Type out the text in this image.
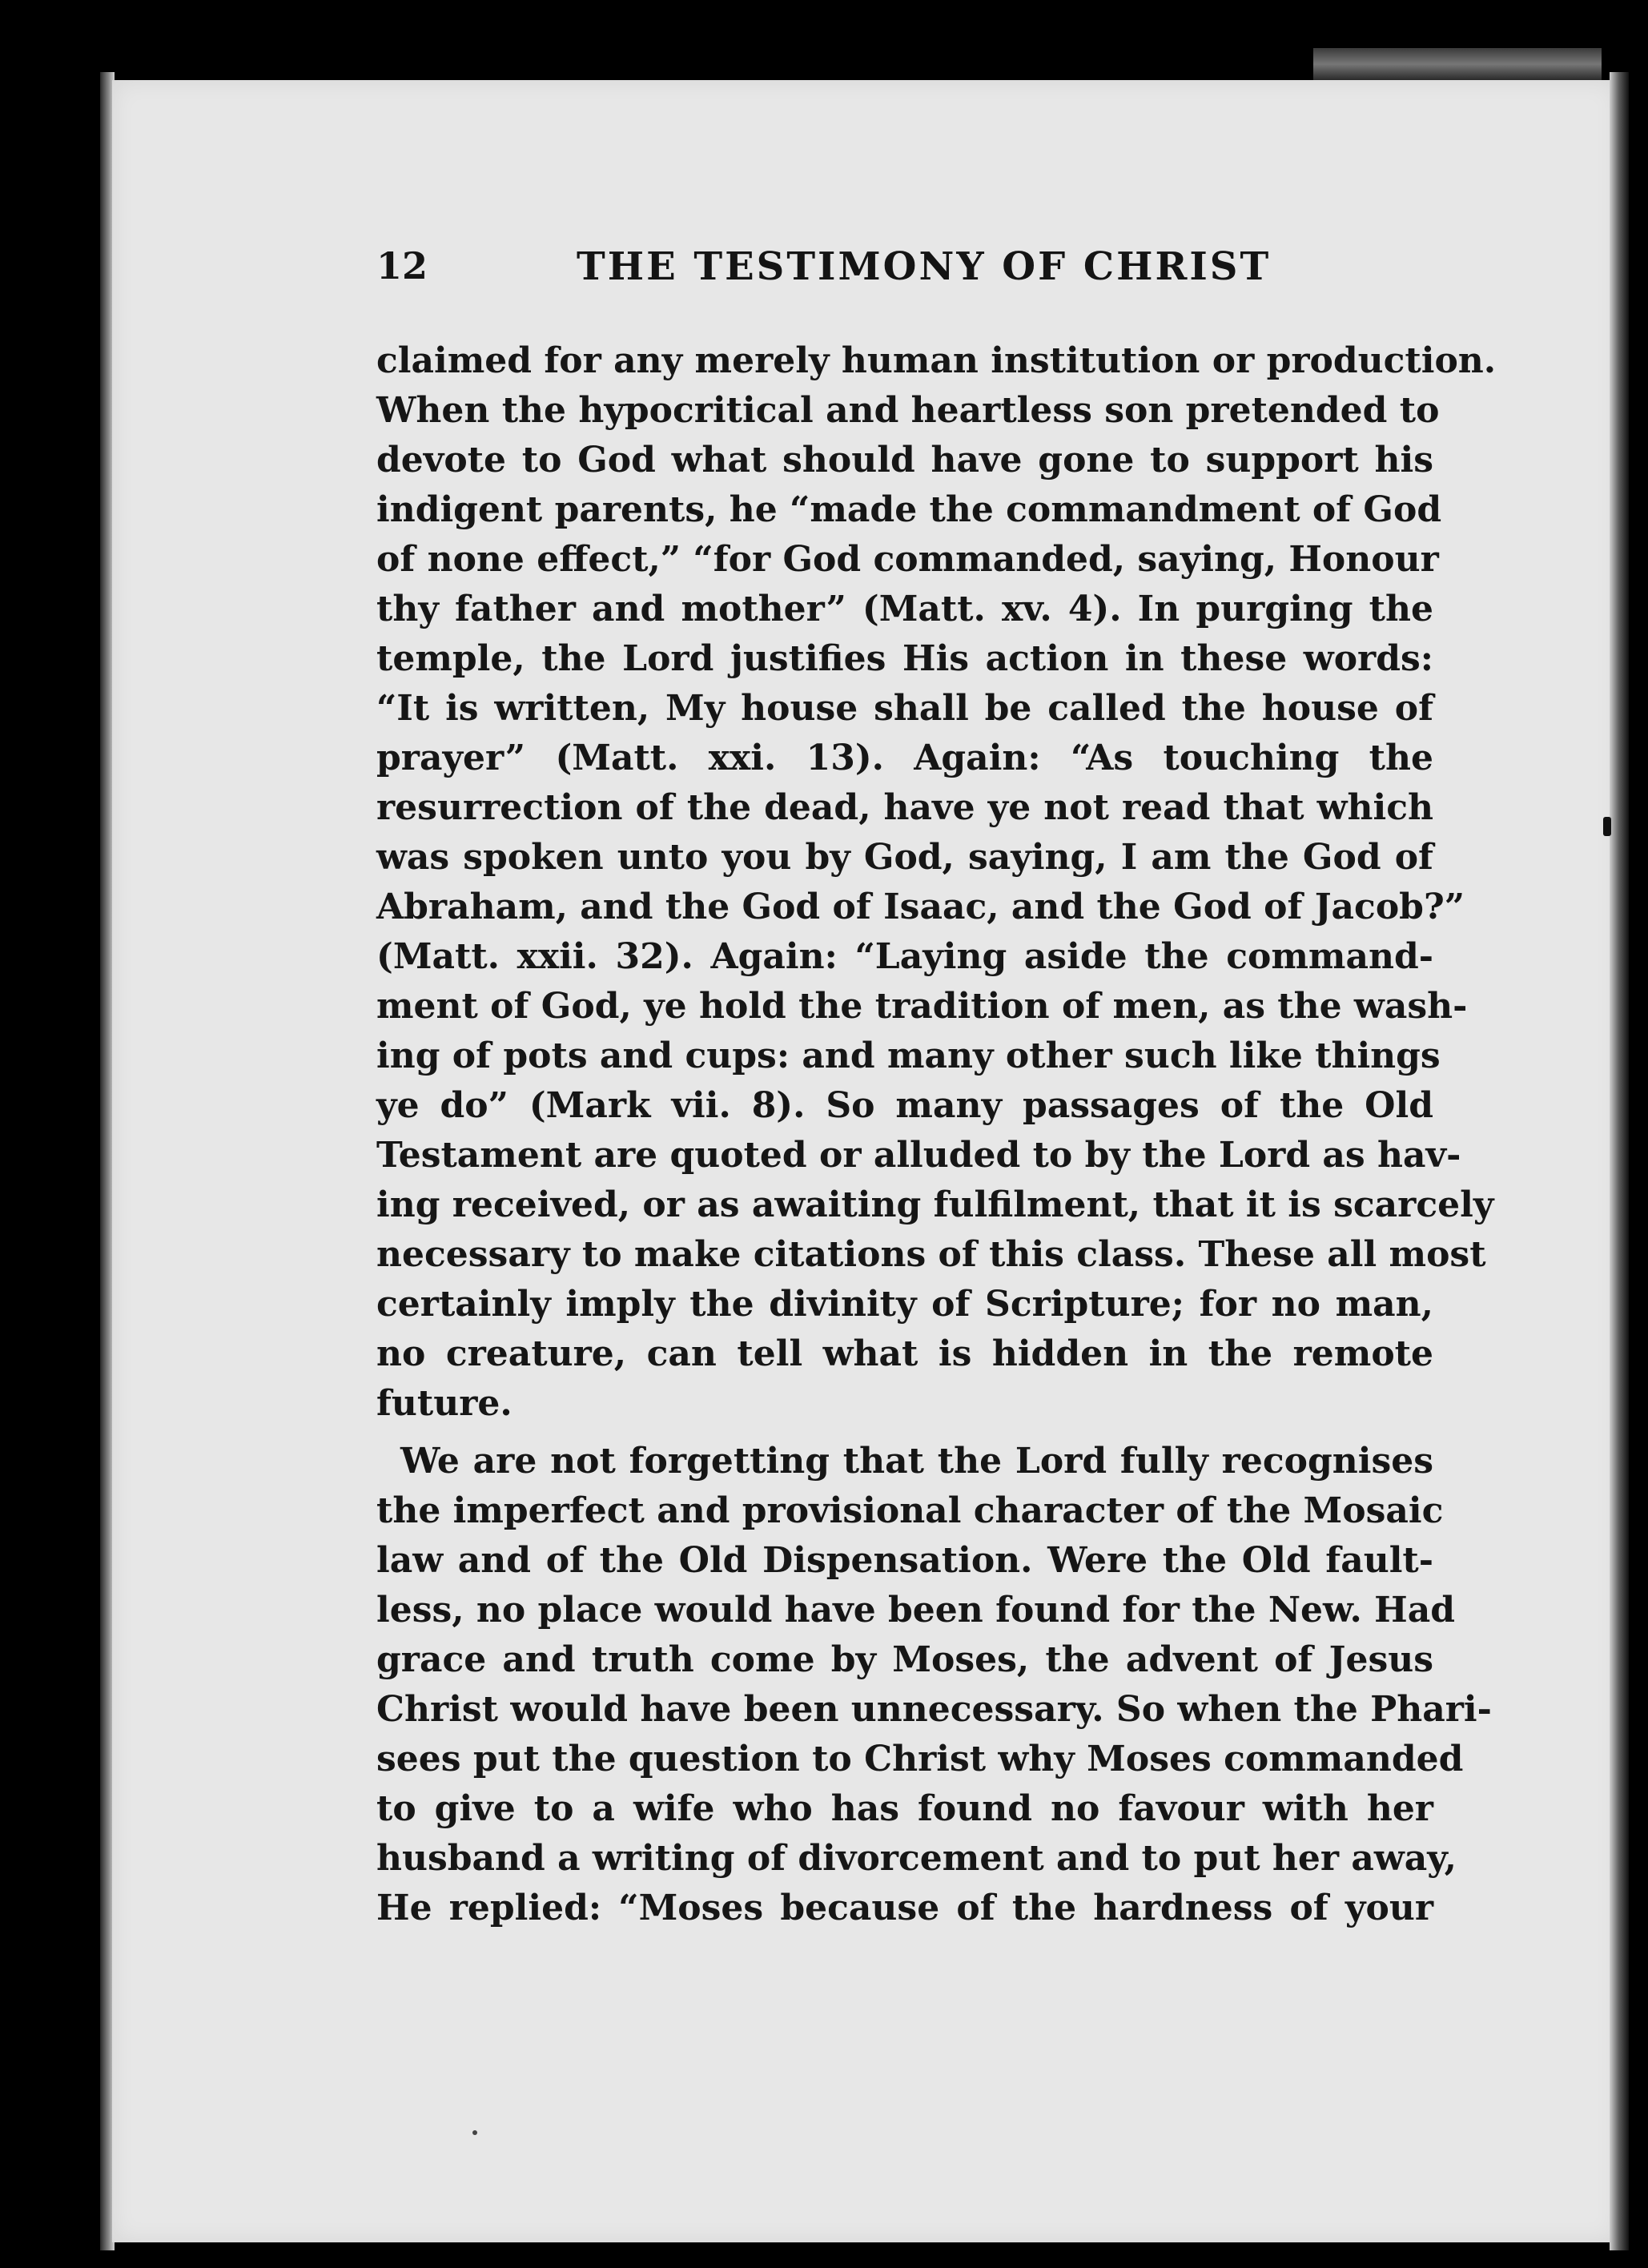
12	THE TESTIMONY OF CHRIST
claimed for any merely human institution or production.
When the hypocritical and heartless son pretended to
devote to God what should have gone to support his
indigent parents, he “made the commandment of God
of none effect,” “for God commanded, saying, Honour
thy father and mother” (Matt. xv. 4). In purging the
temple, the Lord justifies His action in these words:
“It is written, My house shall be called the house of
prayer” (Matt. xxi. 13). Again: “As touching the
resurrection of the dead, have ye not read that which
was spoken unto you by God, saying, I am the God of
Abraham, and the God of Isaac, and the God of Jacob?”
(Matt. xxii. 32). Again: “Laying aside the command-
ment of God, ye hold the tradition of men, as the wash-
ing of pots and cups: and many other such like things
ye do” (Mark vii. 8). So many passages of the Old
Testament are quoted or alluded to by the Lord as hav-
ing received, or as awaiting fulfilment, that it is scarcely
necessary to make citations of this class. These all most
certainly imply the divinity of Scripture; for no man,
no creature, can tell what is hidden in the remote
future.
We are not forgetting that the Lord fully recognises
the imperfect and provisional character of the Mosaic
law and of the Old Dispensation. Were the Old fault-
less, no place would have been found for the New. Had
grace and truth come by Moses, the advent of Jesus
Christ would have been unnecessary. So when the Phari-
sees put the question to Christ why Moses commanded
to give to a wife who has found no favour with her
husband a writing of divorcement and to put her away,
He replied: “Moses because of the hardness of your
